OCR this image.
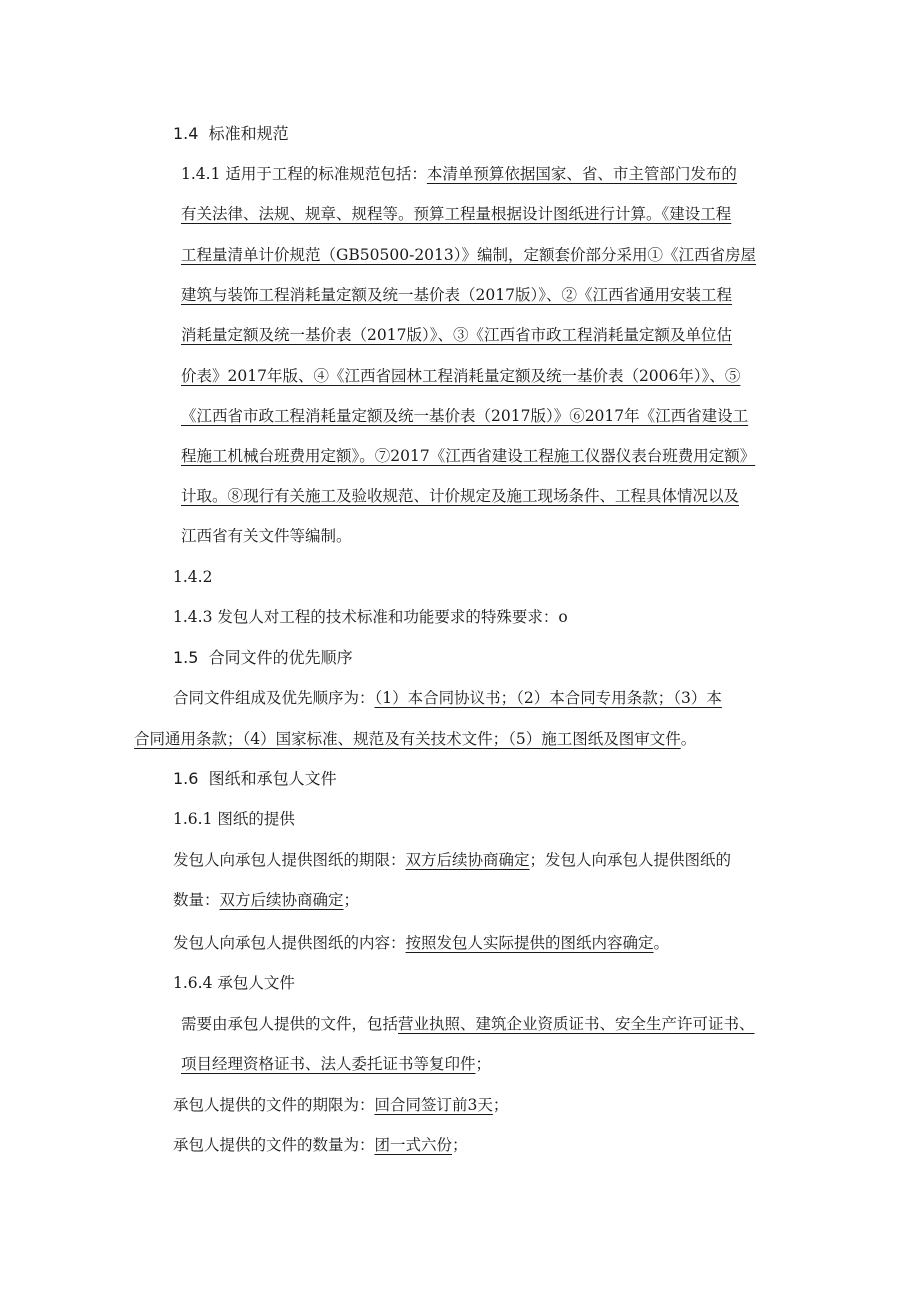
1.4 标准和规范
1.4.1 适用于工程的标准规范包括：本清单预算依据国家、省、市主管部门发布的
有关法律、法规、规章、规程等。预算工程量根据设计图纸进行计算。《建设工程
工程量清单计价规范（GB50500-2013）》编制，定额套价部分采用①《江西省房屋
建筑与装饰工程消耗量定额及统一基价表（2017版）》、②《江西省通用安装工程
消耗量定额及统一基价表（2017版）》、③《江西省市政工程消耗量定额及单位估
价表》2017年版、④《江西省园林工程消耗量定额及统一基价表（2006年）》、⑤
《江西省市政工程消耗量定额及统一基价表（2017版）》⑥2017年《江西省建设工
程施工机械台班费用定额》。⑦2017《江西省建设工程施工仪器仪表台班费用定额》
计取。⑧现行有关施工及验收规范、计价规定及施工现场条件、工程具体情况以及
江西省有关文件等编制。
1.4.2
1.4.3 发包人对工程的技术标准和功能要求的特殊要求：o
1.5 合同文件的优先顺序
合同文件组成及优先顺序为：（1）本合同协议书；（2）本合同专用条款；（3）本
合同通用条款；（4）国家标准、规范及有关技术文件；（5）施工图纸及图审文件。
1.6 图纸和承包人文件
1.6.1 图纸的提供
发包人向承包人提供图纸的期限：双方后续协商确定；发包人向承包人提供图纸的
数量：双方后续协商确定；
发包人向承包人提供图纸的内容：按照发包人实际提供的图纸内容确定。
1.6.4 承包人文件
需要由承包人提供的文件，包括营业执照、建筑企业资质证书、安全生产许可证书、
项目经理资格证书、法人委托证书等复印件；
承包人提供的文件的期限为：回合同签订前3天；
承包人提供的文件的数量为：团一式六份；
